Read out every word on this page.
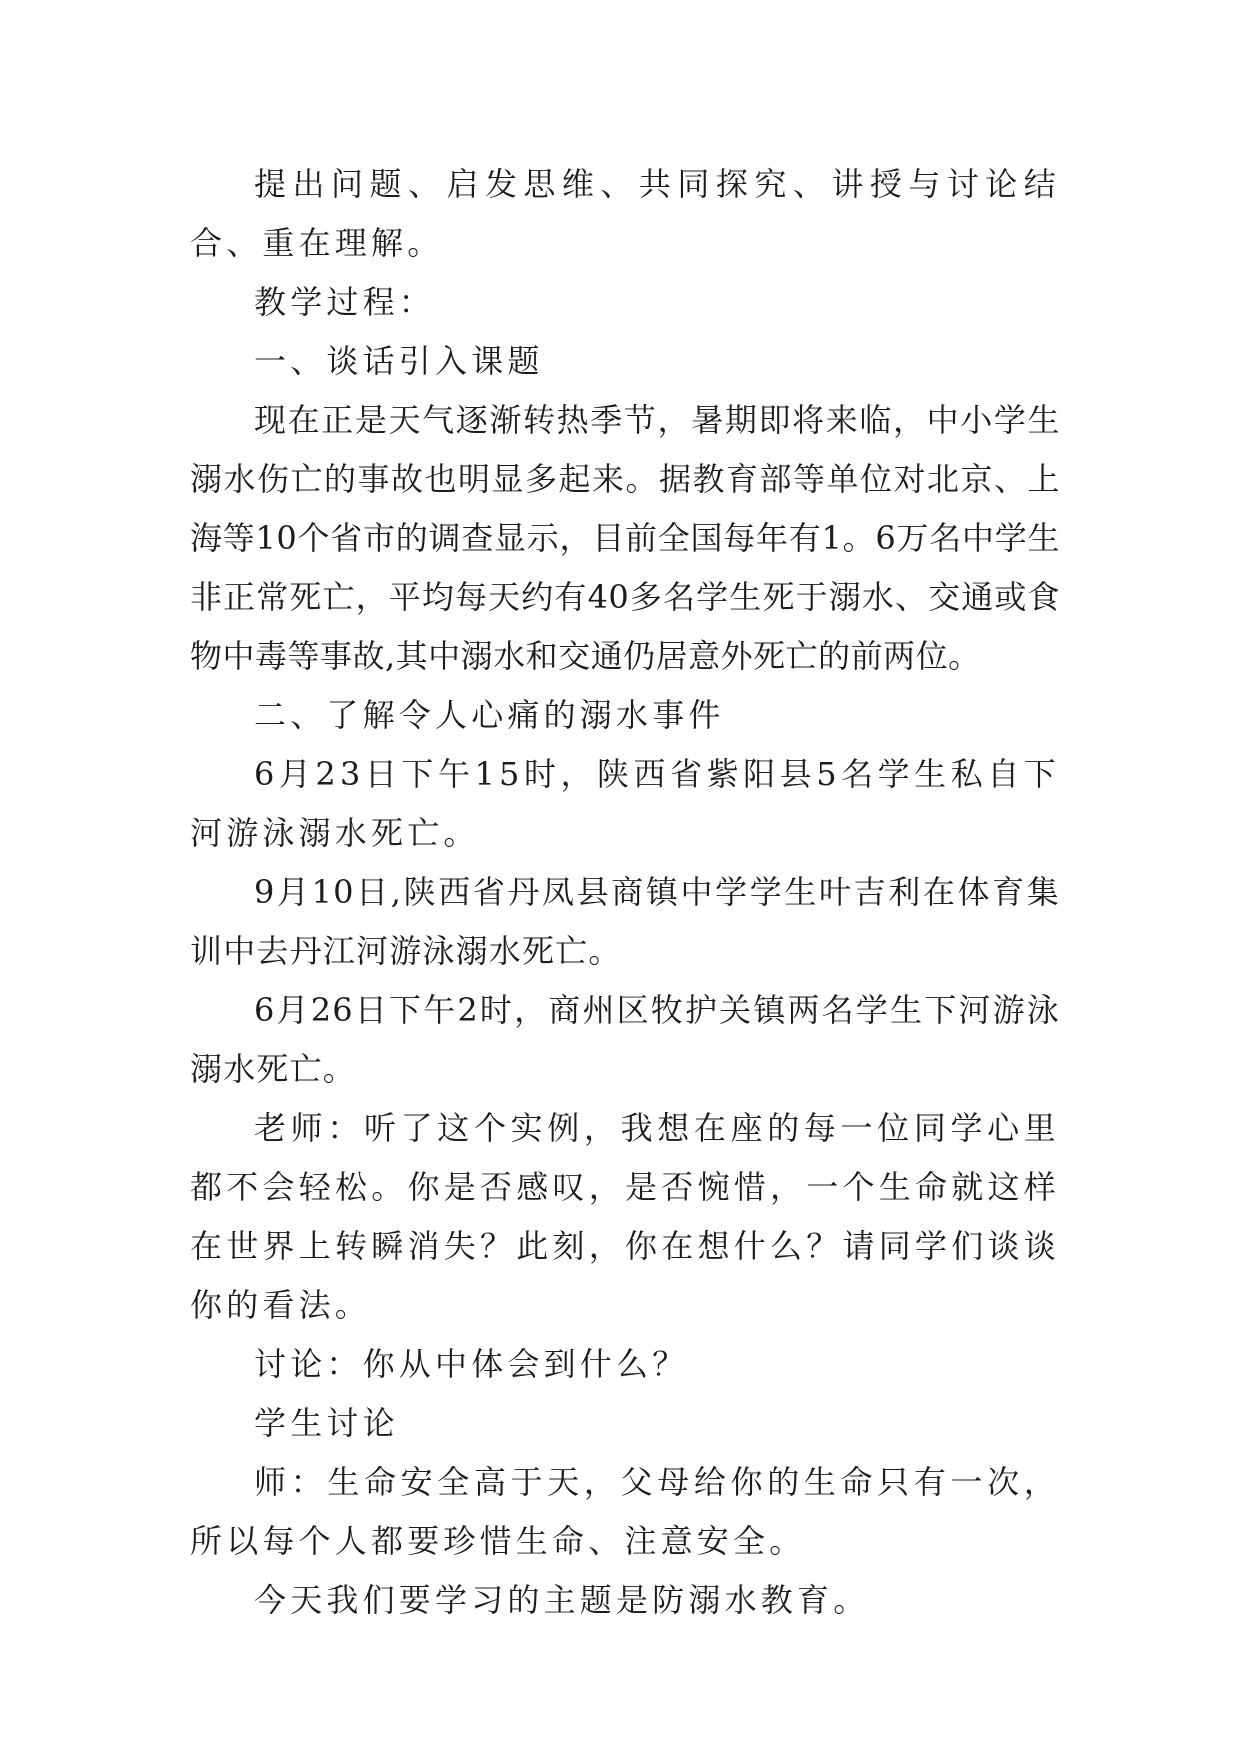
提出问题、启发思维、共同探究、讲授与讨论结合、重在理解。

教学过程：

一、谈话引入课题

现在正是天气逐渐转热季节，暑期即将来临，中小学生溺水伤亡的事故也明显多起来。据教育部等单位对北京、上海等10个省市的调查显示，目前全国每年有1。6万名中学生非正常死亡，平均每天约有40多名学生死于溺水、交通或食物中毒等事故,其中溺水和交通仍居意外死亡的前两位。

二、了解令人心痛的溺水事件

6月23日下午15时，陕西省紫阳县5名学生私自下河游泳溺水死亡。

9月10日,陕西省丹凤县商镇中学学生叶吉利在体育集训中去丹江河游泳溺水死亡。

6月26日下午2时，商州区牧护关镇两名学生下河游泳溺水死亡。

老师：听了这个实例，我想在座的每一位同学心里都不会轻松。你是否感叹，是否惋惜，一个生命就这样在世界上转瞬消失？此刻，你在想什么？请同学们谈谈你的看法。

讨论：你从中体会到什么？

学生讨论

师：生命安全高于天，父母给你的生命只有一次，所以每个人都要珍惜生命、注意安全。

今天我们要学习的主题是防溺水教育。
